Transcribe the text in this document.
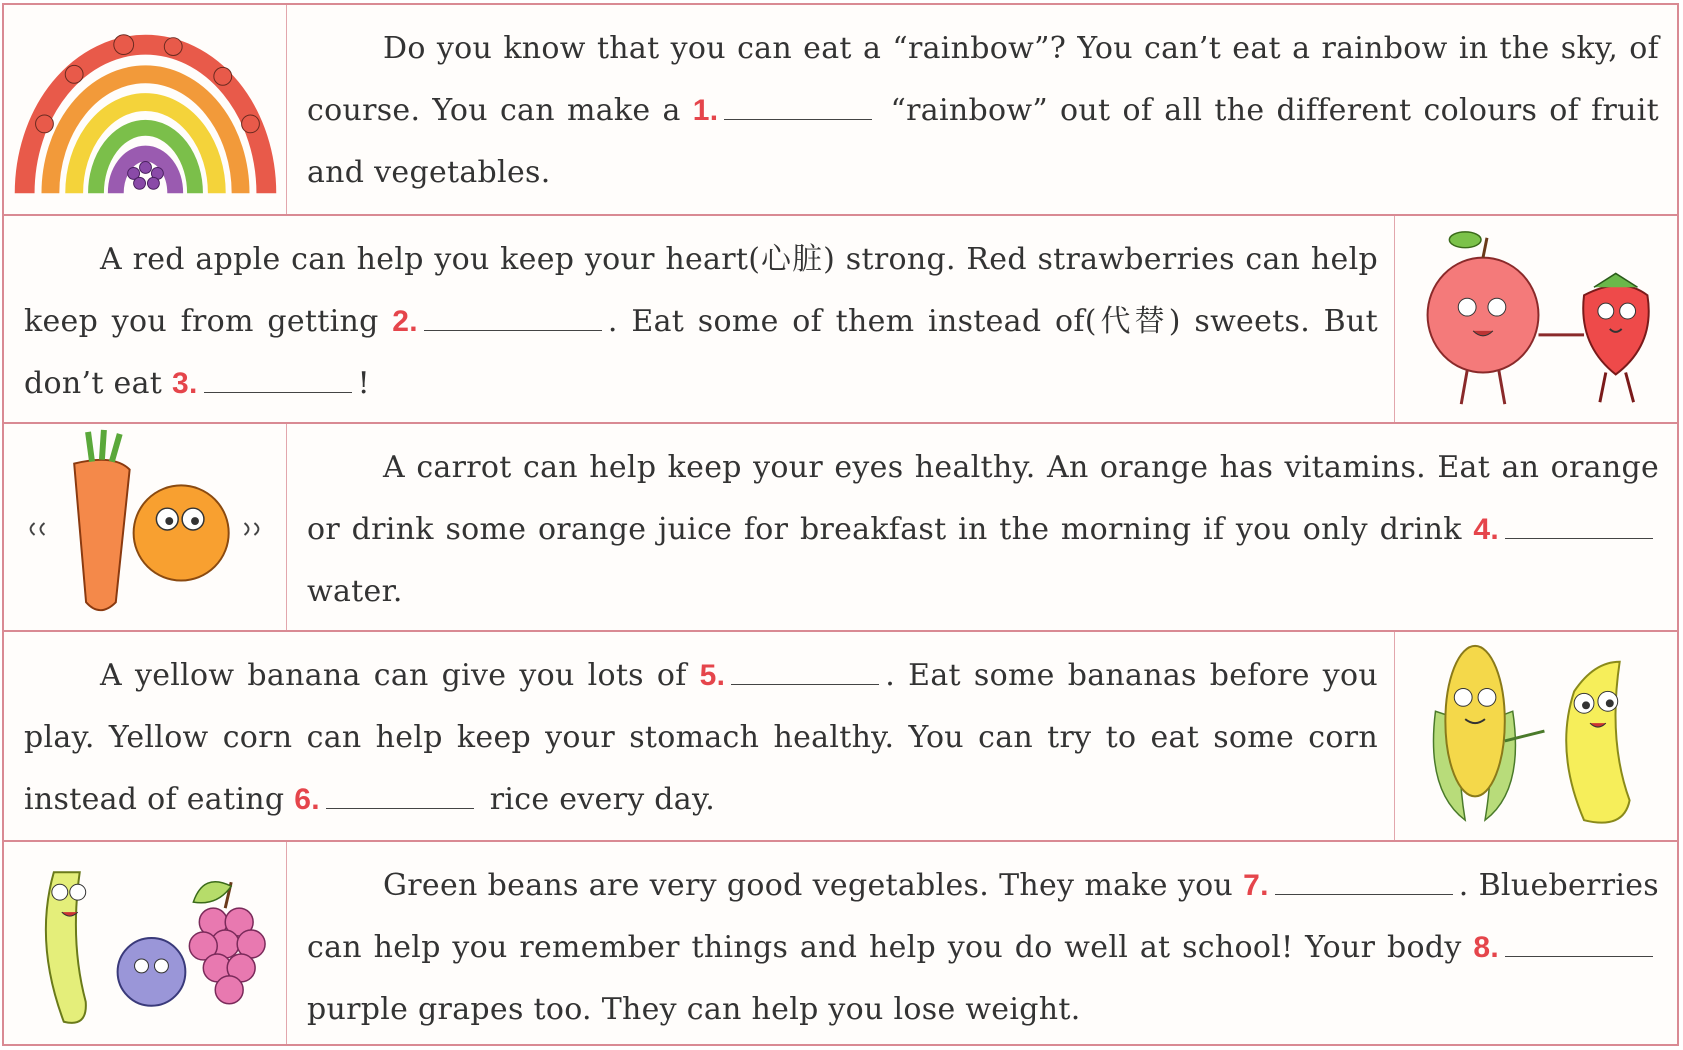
Do you know that you can eat a “rainbow”? You can’t eat a rainbow in the sky, of course. You can make a 1.	“rainbow” out of all the different colours of fruit and vegetables.
A red apple can help you keep your heart(心脏) strong. Red strawberries can help keep you from getting 2.	. Eat some of them instead of(代替) sweets. But don’t eat 3.	!
A carrot can help keep your eyes healthy. An orange has vitamins. Eat an orange or drink some orange juice for breakfast in the morning if you only drink 4. water.
A yellow banana can give you lots of 5.	. Eat some bananas before you play. Yellow corn can help keep your stomach healthy. You can try to eat some corn instead of eating 6.	rice every day.
Green beans are very good vegetables. They make you 7.	. Blueberries can help you remember things and help you do well at school! Your body 8. purple grapes too. They can help you lose weight.
